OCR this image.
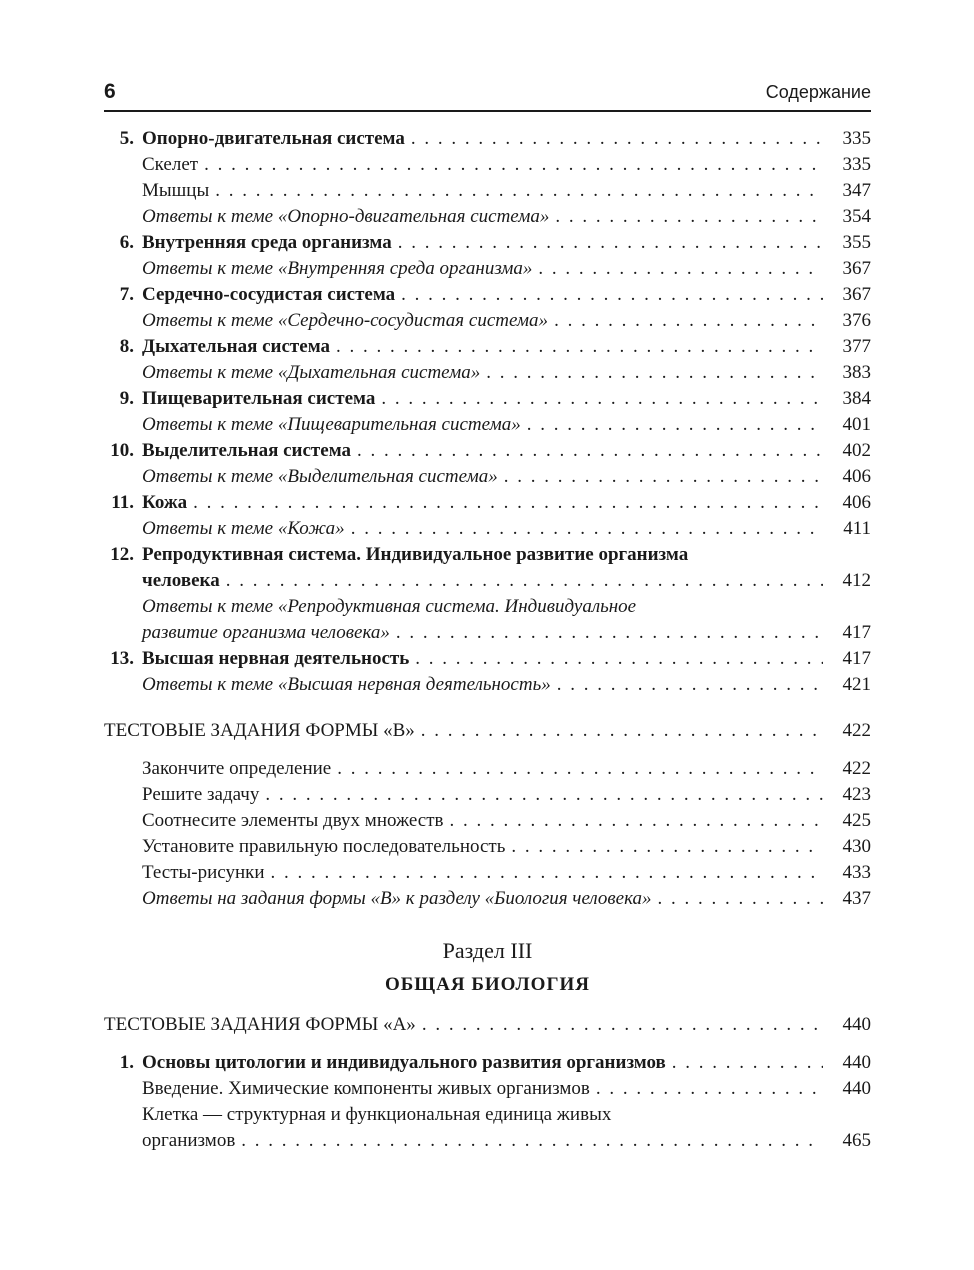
6	Содержание
5. Опорно-двигательная система . . .	335
Скелет . . .	335
Мышцы . . .	347
Ответы к теме «Опорно-двигательная система» . . .	354
6. Внутренняя среда организма . . .	355
Ответы к теме «Внутренняя среда организма» . . .	367
7. Сердечно-сосудистая система . . .	367
Ответы к теме «Сердечно-сосудистая система» . . .	376
8. Дыхательная система . . .	377
Ответы к теме «Дыхательная система» . . .	383
9. Пищеварительная система . . .	384
Ответы к теме «Пищеварительная система» . . .	401
10. Выделительная система . . .	402
Ответы к теме «Выделительная система» . . .	406
11. Кожа . . .	406
Ответы к теме «Кожа» . . .	411
12. Репродуктивная система. Индивидуальное развитие организма
человека . . .	412
Ответы к теме «Репродуктивная система. Индивидуальное
развитие организма человека» . . .	417
13. Высшая нервная деятельность . . .	417
Ответы к теме «Высшая нервная деятельность» . . .	421
ТЕСТОВЫЕ ЗАДАНИЯ ФОРМЫ «В» . . .	422
Закончите определение . . .	422
Решите задачу . . .	423
Соотнесите элементы двух множеств . . .	425
Установите правильную последовательность . . .	430
Тесты-рисунки . . .	433
Ответы на задания формы «В» к разделу «Биология человека» . . .	437
Раздел III
ОБЩАЯ БИОЛОГИЯ
ТЕСТОВЫЕ ЗАДАНИЯ ФОРМЫ «А» . . .	440
1. Основы цитологии и индивидуального развития организмов . . .	440
Введение. Химические компоненты живых организмов . . .	440
Клетка — структурная и функциональная единица живых
организмов . . .	465
